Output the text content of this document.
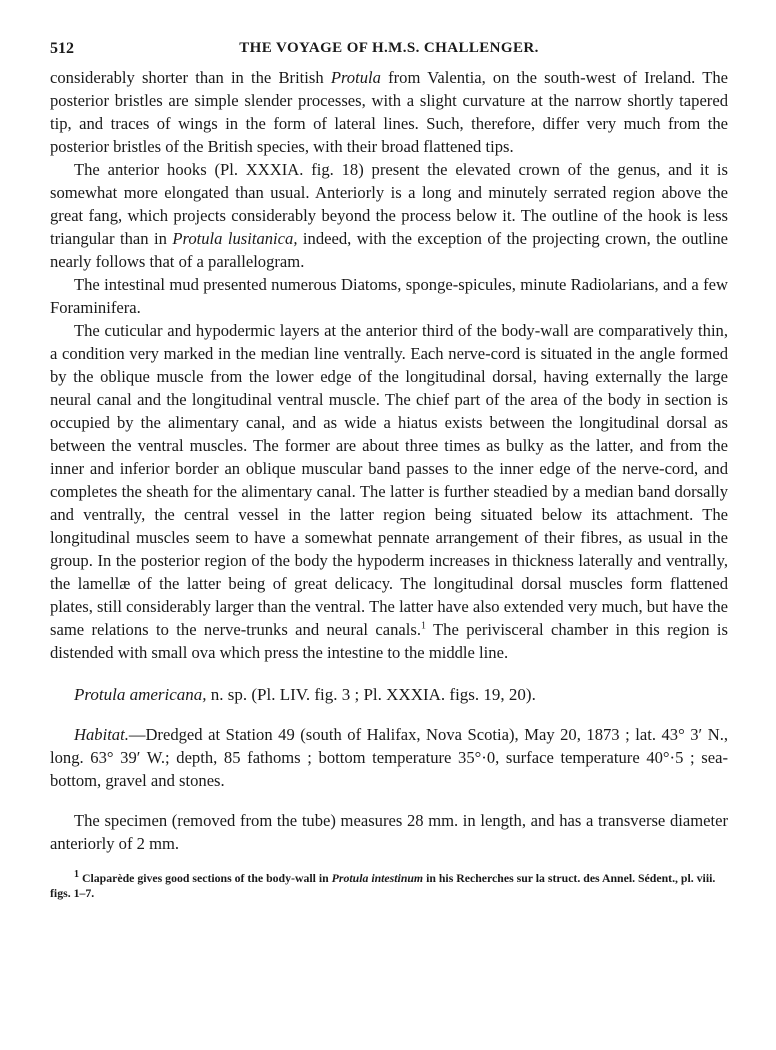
512	THE VOYAGE OF H.M.S. CHALLENGER.

considerably shorter than in the British Protula from Valentia, on the south-west of Ireland. The posterior bristles are simple slender processes, with a slight curvature at the narrow shortly tapered tip, and traces of wings in the form of lateral lines. Such, therefore, differ very much from the posterior bristles of the British species, with their broad flattened tips.

The anterior hooks (Pl. XXXIA. fig. 18) present the elevated crown of the genus, and it is somewhat more elongated than usual. Anteriorly is a long and minutely serrated region above the great fang, which projects considerably beyond the process below it. The outline of the hook is less triangular than in Protula lusitanica, indeed, with the exception of the projecting crown, the outline nearly follows that of a parallelogram.

The intestinal mud presented numerous Diatoms, sponge-spicules, minute Radiolarians, and a few Foraminifera.

The cuticular and hypodermic layers at the anterior third of the body-wall are comparatively thin, a condition very marked in the median line ventrally. Each nerve-cord is situated in the angle formed by the oblique muscle from the lower edge of the longitudinal dorsal, having externally the large neural canal and the longitudinal ventral muscle. The chief part of the area of the body in section is occupied by the alimentary canal, and as wide a hiatus exists between the longitudinal dorsal as between the ventral muscles. The former are about three times as bulky as the latter, and from the inner and inferior border an oblique muscular band passes to the inner edge of the nerve-cord, and completes the sheath for the alimentary canal. The latter is further steadied by a median band dorsally and ventrally, the central vessel in the latter region being situated below its attachment. The longitudinal muscles seem to have a somewhat pennate arrangement of their fibres, as usual in the group. In the posterior region of the body the hypoderm increases in thickness laterally and ventrally, the lamellæ of the latter being of great delicacy. The longitudinal dorsal muscles form flattened plates, still considerably larger than the ventral. The latter have also extended very much, but have the same relations to the nerve-trunks and neural canals.$^1$ The perivisceral chamber in this region is distended with small ova which press the intestine to the middle line.

Protula americana, n. sp. (Pl. LIV. fig. 3 ; Pl. XXXIA. figs. 19, 20).

Habitat.—Dredged at Station 49 (south of Halifax, Nova Scotia), May 20, 1873 ; lat. 43° 3′ N., long. 63° 39′ W.; depth, 85 fathoms ; bottom temperature 35°·0, surface temperature 40°·5 ; sea-bottom, gravel and stones.

The specimen (removed from the tube) measures 28 mm. in length, and has a transverse diameter anteriorly of 2 mm.

$^1$ Claparède gives good sections of the body-wall in Protula intestinum in his Recherches sur la struct. des Annel. Sédent., pl. viii. figs. 1–7.
